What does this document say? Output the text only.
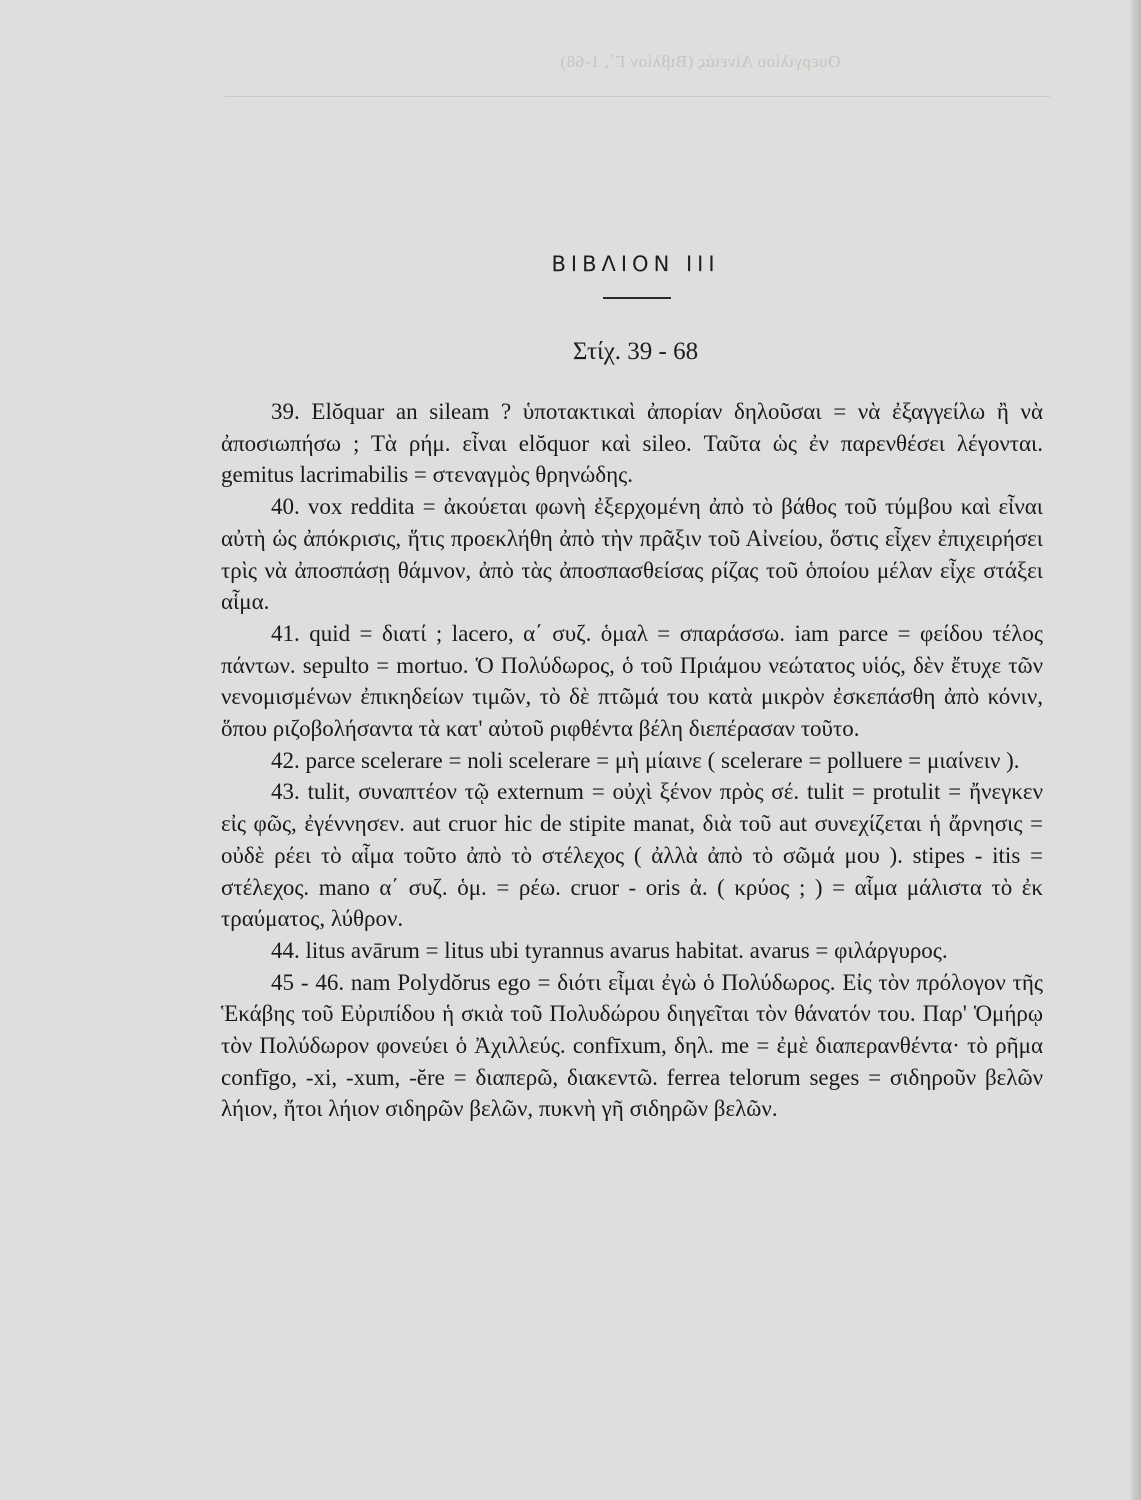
Ουεργιλίου Αἰνειάς (Βιβλίον Γ΄, 1-68)
ΒΙΒΛΙΟΝ ΙΙΙ
Στίχ. 39 - 68

39. Elŏquar an sileam ? ὑποτακτικαὶ ἀπορίαν δηλοῦσαι = νὰ ἐξαγγείλω ἢ νὰ ἀποσιωπήσω ; Τὰ ρήμ. εἶναι elŏquor καὶ sileo. Ταῦτα ὡς ἐν παρενθέσει λέγονται. gemitus lacrimabilis = στεναγμὸς θρηνώδης.

40. vox reddita = ἀκούεται φωνὴ ἐξερχομένη ἀπὸ τὸ βάθος τοῦ τύμβου καὶ εἶναι αὐτὴ ὡς ἀπόκρισις, ἥτις προεκλήθη ἀπὸ τὴν πρᾶξιν τοῦ Αἰνείου, ὅστις εἶχεν ἐπιχειρήσει τρὶς νὰ ἀποσπάσῃ θάμνον, ἀπὸ τὰς ἀποσπασθείσας ρίζας τοῦ ὁποίου μέλαν εἶχε στάξει αἷμα.

41. quid = διατί ; lacero, α΄ συζ. ὁμαλ = σπαράσσω. iam parce = φείδου τέλος πάντων. sepulto = mortuo. Ὁ Πολύδωρος, ὁ τοῦ Πριάμου νεώτατος υἱός, δὲν ἔτυχε τῶν νενομισμένων ἐπικηδείων τιμῶν, τὸ δὲ πτῶμά του κατὰ μικρὸν ἐσκεπάσθη ἀπὸ κόνιν, ὅπου ριζοβολήσαντα τὰ κατ' αὐτοῦ ριφθέντα βέλη διεπέρασαν τοῦτο.

42. parce scelerare = noli scelerare = μὴ μίαινε ( scelerare = polluere = μιαίνειν ).

43. tulit, συναπτέον τῷ externum = οὐχὶ ξένον πρὸς σέ. tulit = protulit = ἤνεγκεν εἰς φῶς, ἐγέννησεν. aut cruor hic de stipite manat, διὰ τοῦ aut συνεχίζεται ἡ ἄρνησις = οὐδὲ ρέει τὸ αἷμα τοῦτο ἀπὸ τὸ στέλεχος ( ἀλλὰ ἀπὸ τὸ σῶμά μου ). stipes - itis = στέλεχος. mano α΄ συζ. ὁμ. = ρέω. cruor - oris ἀ. ( κρύος ; ) = αἷμα μάλιστα τὸ ἐκ τραύματος, λύθρον.

44. litus avārum = litus ubi tyrannus avarus habitat. avarus = φιλάργυρος.

45 - 46. nam Polydŏrus ego = διότι εἶμαι ἐγὼ ὁ Πολύδωρος. Εἰς τὸν πρόλογον τῆς Ἑκάβης τοῦ Εὐριπίδου ἡ σκιὰ τοῦ Πολυδώρου διηγεῖται τὸν θάνατόν του. Παρ' Ὁμήρῳ τὸν Πολύδωρον φονεύει ὁ Ἀχιλλεύς. confīxum, δηλ. me = ἐμὲ διαπερανθέντα· τὸ ρῆμα confīgo, -xi, -xum, -ĕre = διαπερῶ, διακεντῶ. ferrea telorum seges = σιδηροῦν βελῶν λήιον, ἤτοι λήιον σιδηρῶν βελῶν, πυκνὴ γῆ σιδηρῶν βελῶν.
